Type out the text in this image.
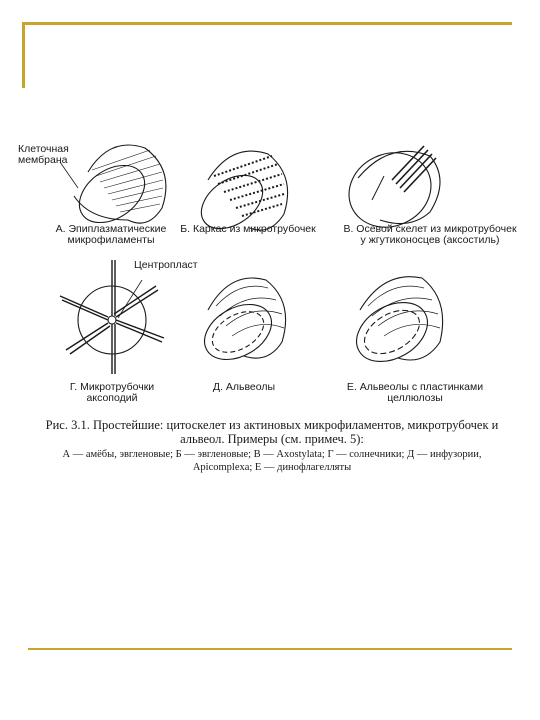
Клеточная
мембрана
Центропласт
А. Эпиплазматические
микрофиламенты
Б. Каркас из микротрубочек	В. Осевой скелет из микротрубочек
у жгутиконосцев (аксостиль)
Г. Микротрубочки
аксоподий
Д. Альвеолы	Е. Альвеолы с пластинками
целлюлозы
Рис. 3.1. Простейшие: цитоскелет из актиновых микрофиламентов, микротрубочек и альвеол. Примеры (см. примеч. 5):
А — амёбы, эвгленовые; Б — эвгленовые; В — Axostylata; Г — солнечники; Д — инфузории, Apicomplexa; Е — динофлагелляты
